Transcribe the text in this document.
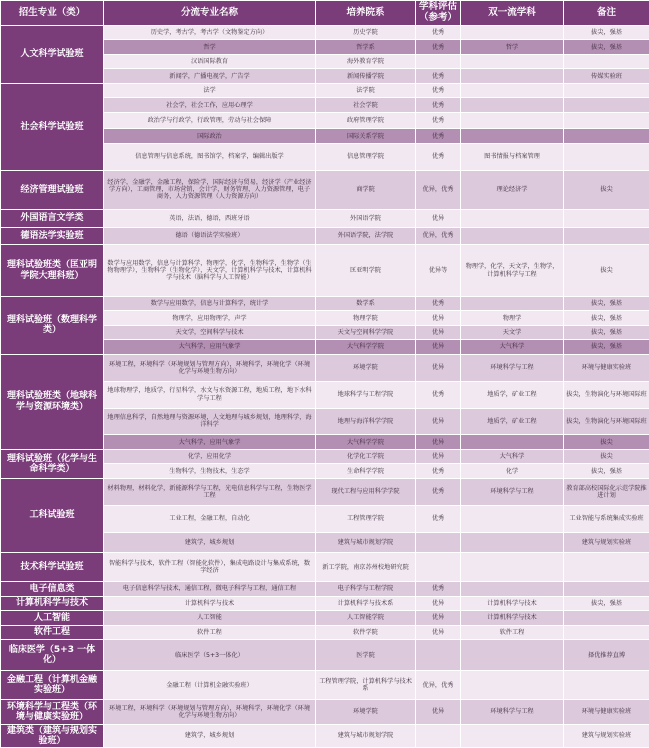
招生专业（类）	分流专业名称	培养院系	学科评估（参考）	双一流学科	备注
人文科学试验班	历史学，考古学，考古学（文物鉴定方向）	历史学院	优秀		拔尖，强基
	哲学	哲学系	优秀	哲学	拔尖，强基
	汉语国际教育	海外教育学院			
	新闻学，广播电视学，广告学	新闻传播学院	优秀		传媒实验班
社会科学试验班	法学	法学院	优秀		
	社会学，社会工作，应用心理学	社会学院	优秀		
	政治学与行政学，行政管理，劳动与社会保障	政府管理学院	优秀		
	国际政治	国际关系学院	优秀		
	信息管理与信息系统，图书馆学，档案学，编辑出版学	信息管理学院	优秀	图书情报与档案管理	
经济管理试验班	经济学，金融学，金融工程，保险学，国际经济与贸易，经济学（产业经济学方向），工商管理，市场营销，会计学，财务管理，人力资源管理，电子商务，人力资源管理（人力资源方向）	商学院	优异，优秀	理论经济学	拔尖
外国语言文学类	英语，法语，德语，西班牙语	外国语学院	优异		
德语法学实验班	德语（德语法学实验班）	外国语学院，法学院	优异，优秀		
理科试验班类（匡亚明学院大理科班）	数学与应用数学，信息与计算科学，物理学，化学，生物科学，生物学（生物物理学），生物科学（生物化学），天文学，计算机科学与技术，计算机科学与技术（脑科学与人工智能）	匡亚明学院	优异等	物理学，化学，天文学，生物学，计算机科学与工程	拔尖
理科试验班（数理科学类）	数学与应用数学，信息与计算科学，统计学	数学系	优秀		拔尖，强基
	物理学，应用物理学，声学	物理学院	优异	物理学	拔尖，强基
	天文学，空间科学与技术	天文与空间科学学院	优异	天文学	拔尖，强基
	大气科学，应用气象学	大气科学学院	优异	大气科学	拔尖，强基
理科试验班类（地球科学与资源环境类）	环境工程，环境科学（环境规划与管理方向），环境科学，环境化学（环境化学与环境生物方向）	环境学院	优异	环境科学与工程	环境与健康实验班
	地球物理学，地质学，行星科学，水文与水资源工程，地质工程，地下水科学与工程	地球科学与工程学院	优秀	地质学，矿业工程	拔尖，生物演化与环境国际班
	地理信息科学，自然地理与资源环境，人文地理与城乡规划，地理科学，海洋科学	地理与海洋科学学院	优异	地质学，矿业工程	拔尖，生物演化与环境国际班
	大气科学，应用气象学	大气科学学院	优异		拔尖
理科试验班（化学与生命科学类）	化学，应用化学	化学化工学院	优异	大气科学	拔尖
	生物科学，生物技术，生态学	生命科学学院	优秀	化学	拔尖，强基
工科试验班	材料物理，材料化学，新能源科学与工程，光电信息科学与工程，生物医学工程	现代工程与应用科学学院	优秀	环境科学与工程	教育部高校国际化示范学院推进计划
	工业工程，金融工程，自动化	工程管理学院	优秀		工业智能与系统集成实验班
	建筑学，城乡规划	建筑与城市规划学院			建筑与规划实验班
技术科学试验班	智能科学与技术，软件工程（智能化软件），集成电路设计与集成系统，数字经济	新工学院，南京苏州校地研究院			
电子信息类	电子信息科学与技术，通信工程，微电子科学与工程，通信工程	电子科学与工程学院	优秀		
计算机科学与技术	计算机科学与技术	计算机科学与技术系	优异	计算机科学与技术	拔尖，强基
人工智能	人工智能	人工智能学院	优异	计算机科学与技术	
软件工程	软件工程	软件学院	优异	软件工程	
临床医学（5+3 一体化）	临床医学（5+3一体化）	医学院			择优推荐直博
金融工程（计算机金融实验班）	金融工程（计算机金融实验班）	工程管理学院，计算机科学与技术系	优异，优秀		
环境科学与工程类（环境与健康实验班）	环境工程，环境科学（环境规划与管理方向），环境科学，环境化学（环境化学与环境生物方向）	环境学院	优异	环境科学与工程	环境与健康实验班
建筑类（建筑与规划实验班）	建筑学，城乡规划	建筑与城市规划学院			建筑与规划实验班
